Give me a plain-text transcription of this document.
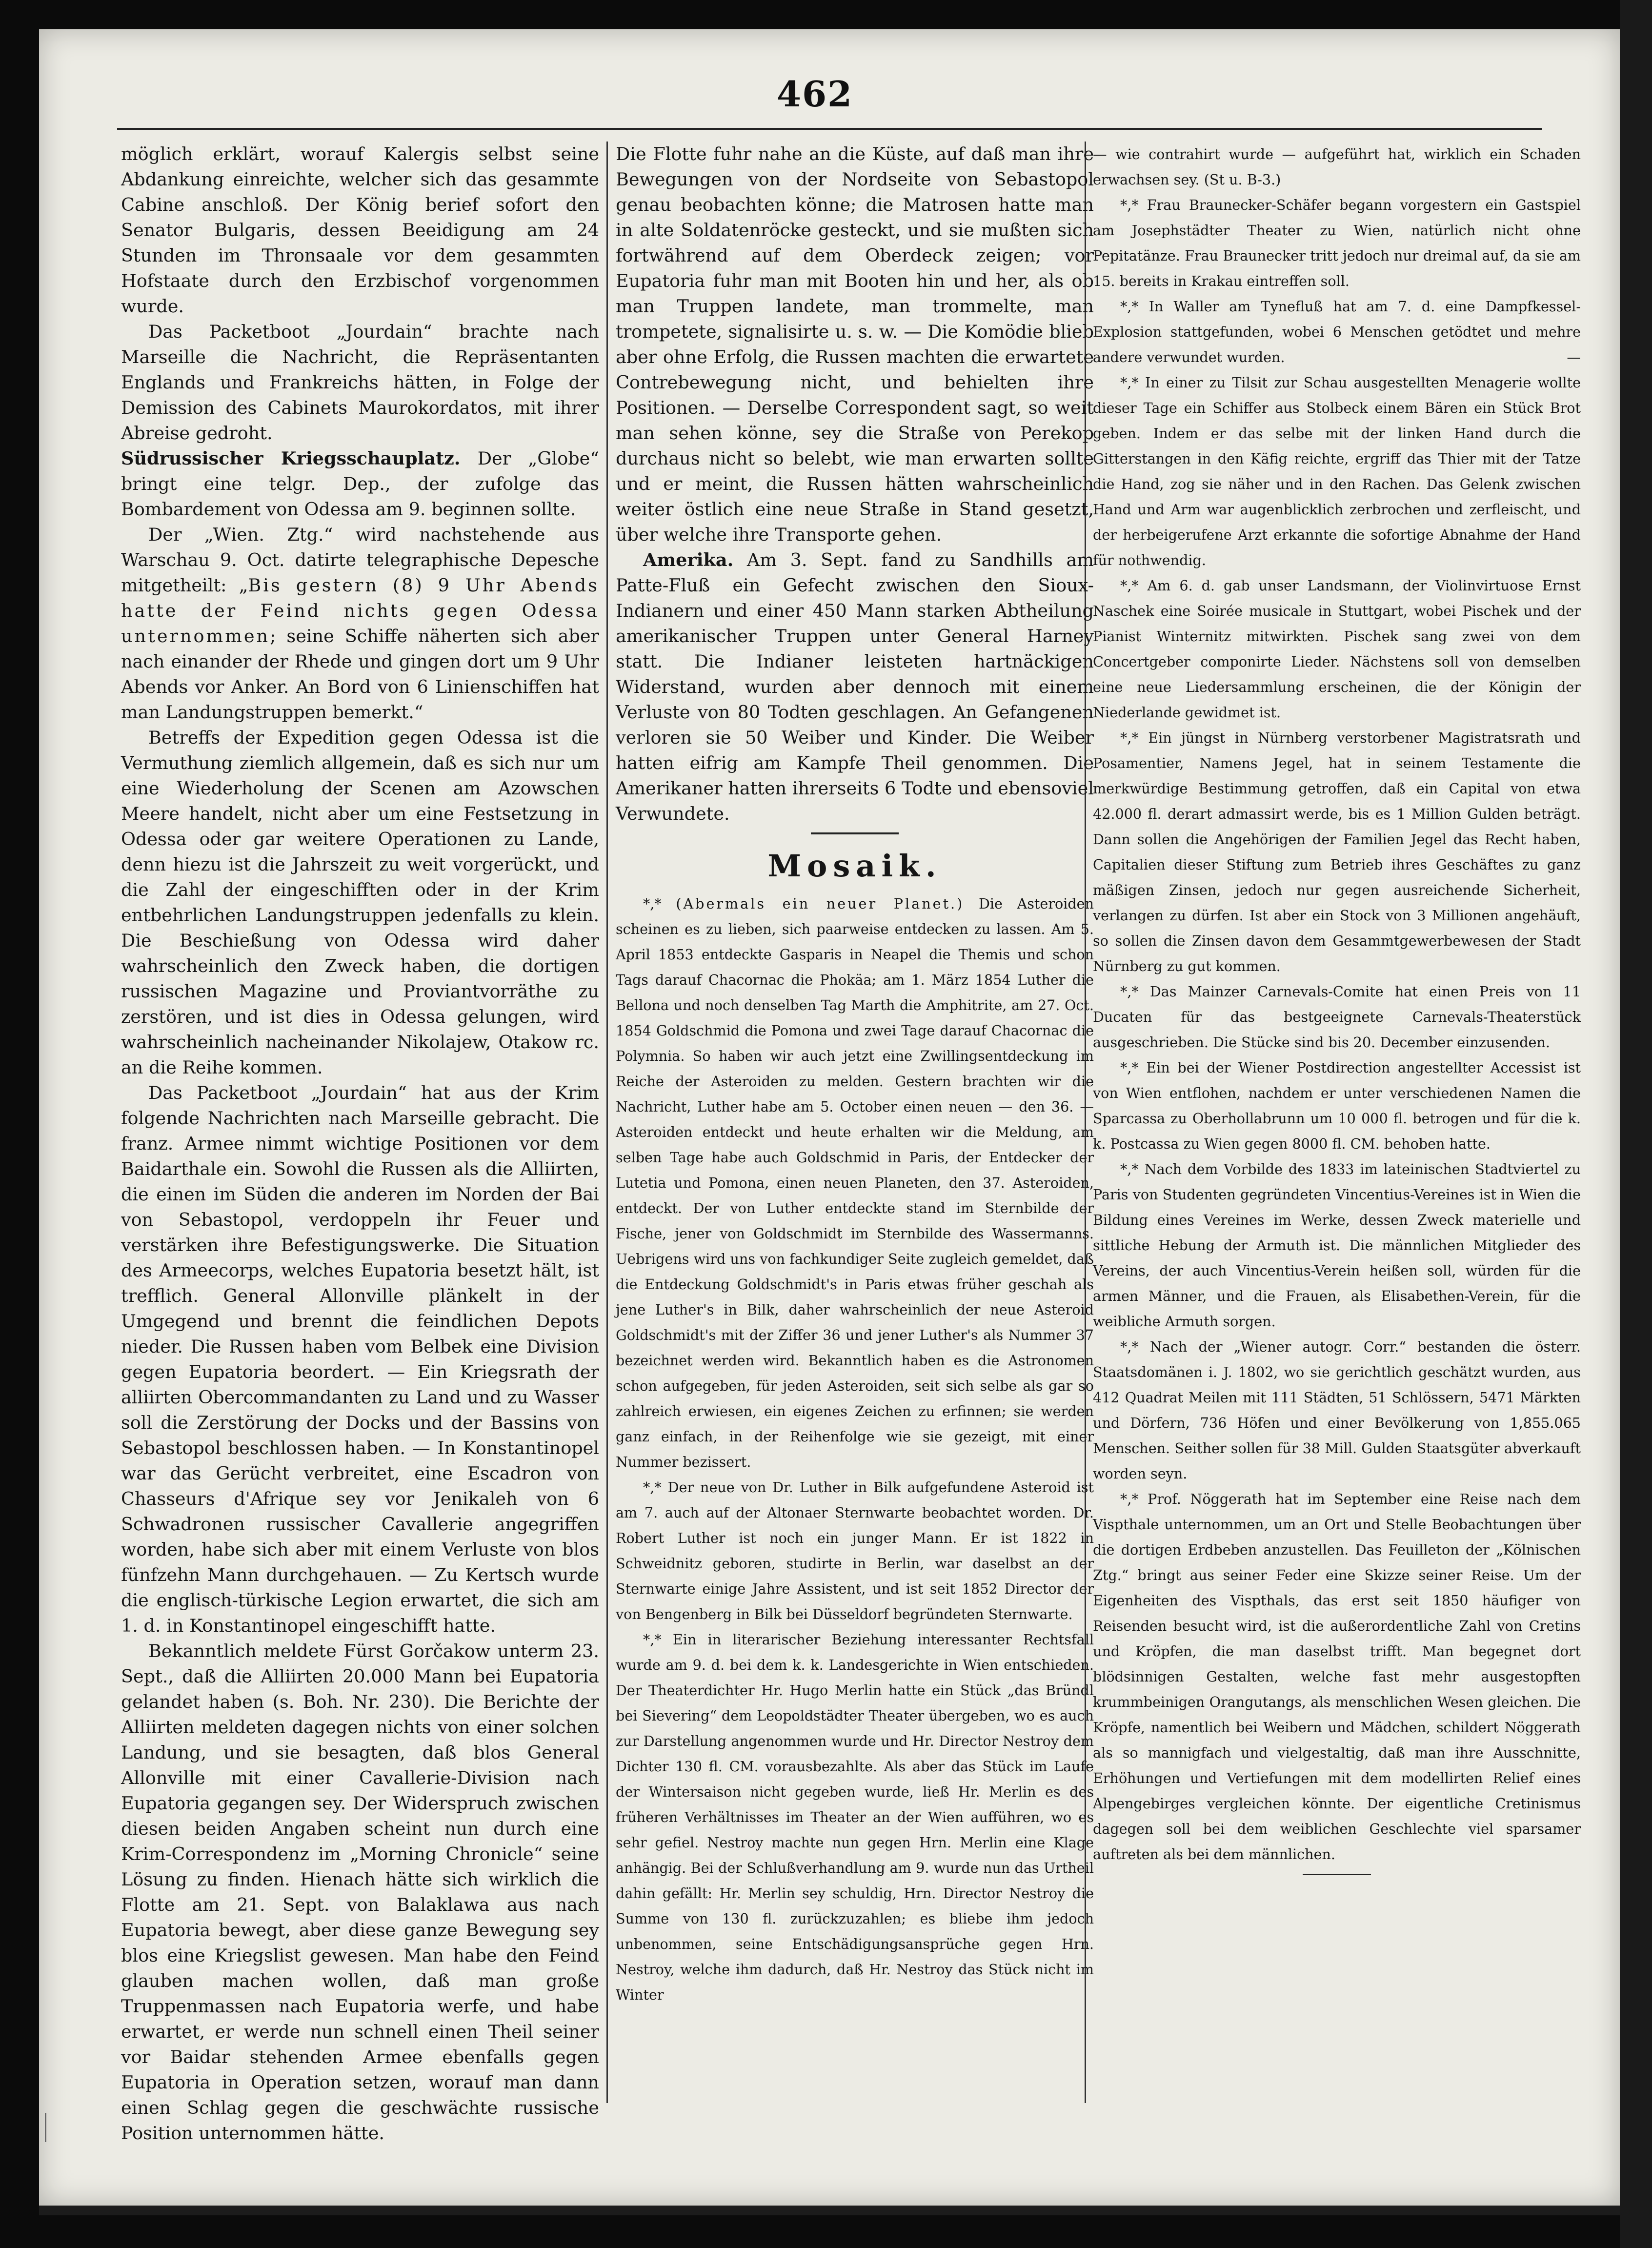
462

möglich erklärt, worauf Kalergis selbst seine Abdankung einreichte, welcher sich das gesammte Cabine anschloß. Der König berief sofort den Senator Bulgaris, dessen Beeidigung am 24 Stunden im Thronsaale vor dem gesammten Hofstaate durch den Erzbischof vorgenommen wurde.

Das Packetboot „Jourdain“ brachte nach Marseille die Nachricht, die Repräsentanten Englands und Frankreichs hätten, in Folge der Demission des Cabinets Maurokordatos, mit ihrer Abreise gedroht.

Südrussischer Kriegsschauplatz. Der „Globe“ bringt eine telgr. Dep., der zufolge das Bombardement von Odessa am 9. beginnen sollte.

Der „Wien. Ztg.“ wird nachstehende aus Warschau 9. Oct. datirte telegraphische Depesche mitgetheilt: „Bis gestern (8) 9 Uhr Abends hatte der Feind nichts gegen Odessa unternommen; seine Schiffe näherten sich aber nach einander der Rhede und gingen dort um 9 Uhr Abends vor Anker. An Bord von 6 Linienschiffen hat man Landungstruppen bemerkt.“

Betreffs der Expedition gegen Odessa ist die Vermuthung ziemlich allgemein, daß es sich nur um eine Wiederholung der Scenen am Azowschen Meere handelt, nicht aber um eine Festsetzung in Odessa oder gar weitere Operationen zu Lande, denn hiezu ist die Jahrszeit zu weit vorgerückt, und die Zahl der eingeschifften oder in der Krim entbehrlichen Landungstruppen jedenfalls zu klein. Die Beschießung von Odessa wird daher wahrscheinlich den Zweck haben, die dortigen russischen Magazine und Proviantvorräthe zu zerstören, und ist dies in Odessa gelungen, wird wahrscheinlich nacheinander Nikolajew, Otakow rc. an die Reihe kommen.

Das Packetboot „Jourdain“ hat aus der Krim folgende Nachrichten nach Marseille gebracht. Die franz. Armee nimmt wichtige Positionen vor dem Baidarthale ein. Sowohl die Russen als die Alliirten, die einen im Süden die anderen im Norden der Bai von Sebastopol, verdoppeln ihr Feuer und verstärken ihre Befestigungswerke. Die Situation des Armeecorps, welches Eupatoria besetzt hält, ist trefflich. General Allonville plänkelt in der Umgegend und brennt die feindlichen Depots nieder. Die Russen haben vom Belbek eine Division gegen Eupatoria beordert. — Ein Kriegsrath der alliirten Obercommandanten zu Land und zu Wasser soll die Zerstörung der Docks und der Bassins von Sebastopol beschlossen haben. — In Konstantinopel war das Gerücht verbreitet, eine Escadron von Chasseurs d'Afrique sey vor Jenikaleh von 6 Schwadronen russischer Cavallerie angegriffen worden, habe sich aber mit einem Verluste von blos fünfzehn Mann durchgehauen. — Zu Kertsch wurde die englisch-türkische Legion erwartet, die sich am 1. d. in Konstantinopel eingeschifft hatte.

Bekanntlich meldete Fürst Gorčakow unterm 23. Sept., daß die Alliirten 20.000 Mann bei Eupatoria gelandet haben (s. Boh. Nr. 230). Die Berichte der Alliirten meldeten dagegen nichts von einer solchen Landung, und sie besagten, daß blos General Allonville mit einer Cavallerie-Division nach Eupatoria gegangen sey. Der Widerspruch zwischen diesen beiden Angaben scheint nun durch eine Krim-Correspondenz im „Morning Chronicle“ seine Lösung zu finden. Hienach hätte sich wirklich die Flotte am 21. Sept. von Balaklawa aus nach Eupatoria bewegt, aber diese ganze Bewegung sey blos eine Kriegslist gewesen. Man habe den Feind glauben machen wollen, daß man große Truppenmassen nach Eupatoria werfe, und habe erwartet, er werde nun schnell einen Theil seiner vor Baidar stehenden Armee ebenfalls gegen Eupatoria in Operation setzen, worauf man dann einen Schlag gegen die geschwächte russische Position unternommen hätte.

Die Flotte fuhr nahe an die Küste, auf daß man ihre Bewegungen von der Nordseite von Sebastopol genau beobachten könne; die Matrosen hatte man in alte Soldatenröcke gesteckt, und sie mußten sich fortwährend auf dem Oberdeck zeigen; vor Eupatoria fuhr man mit Booten hin und her, als ob man Truppen landete, man trommelte, man trompetete, signalisirte u. s. w. — Die Komödie blieb aber ohne Erfolg, die Russen machten die erwartete Contrebewegung nicht, und behielten ihre Positionen. — Derselbe Correspondent sagt, so weit man sehen könne, sey die Straße von Perekop durchaus nicht so belebt, wie man erwarten sollte und er meint, die Russen hätten wahrscheinlich weiter östlich eine neue Straße in Stand gesetzt, über welche ihre Transporte gehen.

Amerika. Am 3. Sept. fand zu Sandhills am Patte-Fluß ein Gefecht zwischen den Sioux-Indianern und einer 450 Mann starken Abtheilung amerikanischer Truppen unter General Harney statt. Die Indianer leisteten hartnäckigen Widerstand, wurden aber dennoch mit einem Verluste von 80 Todten geschlagen. An Gefangenen verloren sie 50 Weiber und Kinder. Die Weiber hatten eifrig am Kampfe Theil genommen. Die Amerikaner hatten ihrerseits 6 Todte und ebensoviel Verwundete.

Mosaik.

*,* (Abermals ein neuer Planet.) Die Asteroiden scheinen es zu lieben, sich paarweise entdecken zu lassen. Am 5. April 1853 entdeckte Gasparis in Neapel die Themis und schon Tags darauf Chacornac die Phokäa; am 1. März 1854 Luther die Bellona und noch denselben Tag Marth die Amphitrite, am 27. Oct. 1854 Goldschmid die Pomona und zwei Tage darauf Chacornac die Polymnia. So haben wir auch jetzt eine Zwillingsentdeckung im Reiche der Asteroiden zu melden. Gestern brachten wir die Nachricht, Luther habe am 5. October einen neuen — den 36. — Asteroiden entdeckt und heute erhalten wir die Meldung, am selben Tage habe auch Goldschmid in Paris, der Entdecker der Lutetia und Pomona, einen neuen Planeten, den 37. Asteroiden, entdeckt. Der von Luther entdeckte stand im Sternbilde der Fische, jener von Goldschmidt im Sternbilde des Wassermanns. Uebrigens wird uns von fachkundiger Seite zugleich gemeldet, daß die Entdeckung Goldschmidt's in Paris etwas früher geschah als jene Luther's in Bilk, daher wahrscheinlich der neue Asteroid Goldschmidt's mit der Ziffer 36 und jener Luther's als Nummer 37 bezeichnet werden wird. Bekanntlich haben es die Astronomen schon aufgegeben, für jeden Asteroiden, seit sich selbe als gar so zahlreich erwiesen, ein eigenes Zeichen zu erfinnen; sie werden ganz einfach, in der Reihenfolge wie sie gezeigt, mit einer Nummer bezissert.

*,* Der neue von Dr. Luther in Bilk aufgefundene Asteroid ist am 7. auch auf der Altonaer Sternwarte beobachtet worden. Dr. Robert Luther ist noch ein junger Mann. Er ist 1822 in Schweidnitz geboren, studirte in Berlin, war daselbst an der Sternwarte einige Jahre Assistent, und ist seit 1852 Director der von Bengenberg in Bilk bei Düsseldorf begründeten Sternwarte.

*,* Ein in literarischer Beziehung interessanter Rechtsfall wurde am 9. d. bei dem k. k. Landesgerichte in Wien entschieden. Der Theaterdichter Hr. Hugo Merlin hatte ein Stück „das Bründl bei Sievering“ dem Leopoldstädter Theater übergeben, wo es auch zur Darstellung angenommen wurde und Hr. Director Nestroy dem Dichter 130 fl. CM. vorausbezahlte. Als aber das Stück im Laufe der Wintersaison nicht gegeben wurde, ließ Hr. Merlin es des früheren Verhältnisses im Theater an der Wien aufführen, wo es sehr gefiel. Nestroy machte nun gegen Hrn. Merlin eine Klage anhängig. Bei der Schlußverhandlung am 9. wurde nun das Urtheil dahin gefällt: Hr. Merlin sey schuldig, Hrn. Director Nestroy die Summe von 130 fl. zurückzuzahlen; es bliebe ihm jedoch unbenommen, seine Entschädigungsansprüche gegen Hrn. Nestroy, welche ihm dadurch, daß Hr. Nestroy das Stück nicht im Winter

— wie contrahirt wurde — aufgeführt hat, wirklich ein Schaden erwachsen sey. (St u. B-3.)

*,* Frau Braunecker-Schäfer begann vorgestern ein Gastspiel am Josephstädter Theater zu Wien, natürlich nicht ohne Pepitatänze. Frau Braunecker tritt jedoch nur dreimal auf, da sie am 15. bereits in Krakau eintreffen soll.

*,* In Waller am Tynefluß hat am 7. d. eine Dampfkessel-Explosion stattgefunden, wobei 6 Menschen getödtet und mehre andere verwundet wurden.	—

*,* In einer zu Tilsit zur Schau ausgestellten Menagerie wollte dieser Tage ein Schiffer aus Stolbeck einem Bären ein Stück Brot geben. Indem er das selbe mit der linken Hand durch die Gitterstangen in den Käfig reichte, ergriff das Thier mit der Tatze die Hand, zog sie näher und in den Rachen. Das Gelenk zwischen Hand und Arm war augenblicklich zerbrochen und zerfleischt, und der herbeigerufene Arzt erkannte die sofortige Abnahme der Hand für nothwendig.

*,* Am 6. d. gab unser Landsmann, der Violinvirtuose Ernst Naschek eine Soirée musicale in Stuttgart, wobei Pischek und der Pianist Winternitz mitwirkten. Pischek sang zwei von dem Concertgeber componirte Lieder. Nächstens soll von demselben eine neue Liedersammlung erscheinen, die der Königin der Niederlande gewidmet ist.

*,* Ein jüngst in Nürnberg verstorbener Magistratsrath und Posamentier, Namens Jegel, hat in seinem Testamente die merkwürdige Bestimmung getroffen, daß ein Capital von etwa 42.000 fl. derart admassirt werde, bis es 1 Million Gulden beträgt. Dann sollen die Angehörigen der Familien Jegel das Recht haben, Capitalien dieser Stiftung zum Betrieb ihres Geschäftes zu ganz mäßigen Zinsen, jedoch nur gegen ausreichende Sicherheit, verlangen zu dürfen. Ist aber ein Stock von 3 Millionen angehäuft, so sollen die Zinsen davon dem Gesammtgewerbewesen der Stadt Nürnberg zu gut kommen.

*,* Das Mainzer Carnevals-Comite hat einen Preis von 11 Ducaten für das bestgeeignete Carnevals-Theaterstück ausgeschrieben. Die Stücke sind bis 20. December einzusenden.

*,* Ein bei der Wiener Postdirection angestellter Accessist ist von Wien entflohen, nachdem er unter verschiedenen Namen die Sparcassa zu Oberhollabrunn um 10 000 fl. betrogen und für die k. k. Postcassa zu Wien gegen 8000 fl. CM. behoben hatte.

*,* Nach dem Vorbilde des 1833 im lateinischen Stadtviertel zu Paris von Studenten gegründeten Vincentius-Vereines ist in Wien die Bildung eines Vereines im Werke, dessen Zweck materielle und sittliche Hebung der Armuth ist. Die männlichen Mitglieder des Vereins, der auch Vincentius-Verein heißen soll, würden für die armen Männer, und die Frauen, als Elisabethen-Verein, für die weibliche Armuth sorgen.

*,* Nach der „Wiener autogr. Corr.“ bestanden die österr. Staatsdomänen i. J. 1802, wo sie gerichtlich geschätzt wurden, aus 412 Quadrat Meilen mit 111 Städten, 51 Schlössern, 5471 Märkten und Dörfern, 736 Höfen und einer Bevölkerung von 1,855.065 Menschen. Seither sollen für 38 Mill. Gulden Staatsgüter abverkauft worden seyn.

*,* Prof. Nöggerath hat im September eine Reise nach dem Vispthale unternommen, um an Ort und Stelle Beobachtungen über die dortigen Erdbeben anzustellen. Das Feuilleton der „Kölnischen Ztg.“ bringt aus seiner Feder eine Skizze seiner Reise. Um der Eigenheiten des Vispthals, das erst seit 1850 häufiger von Reisenden besucht wird, ist die außerordentliche Zahl von Cretins und Kröpfen, die man daselbst trifft. Man begegnet dort blödsinnigen Gestalten, welche fast mehr ausgestopften krummbeinigen Orangutangs, als menschlichen Wesen gleichen. Die Kröpfe, namentlich bei Weibern und Mädchen, schildert Nöggerath als so mannigfach und vielgestaltig, daß man ihre Ausschnitte, Erhöhungen und Vertiefungen mit dem modellirten Relief eines Alpengebirges vergleichen könnte. Der eigentliche Cretinismus dagegen soll bei dem weiblichen Geschlechte viel sparsamer auftreten als bei dem männlichen.
